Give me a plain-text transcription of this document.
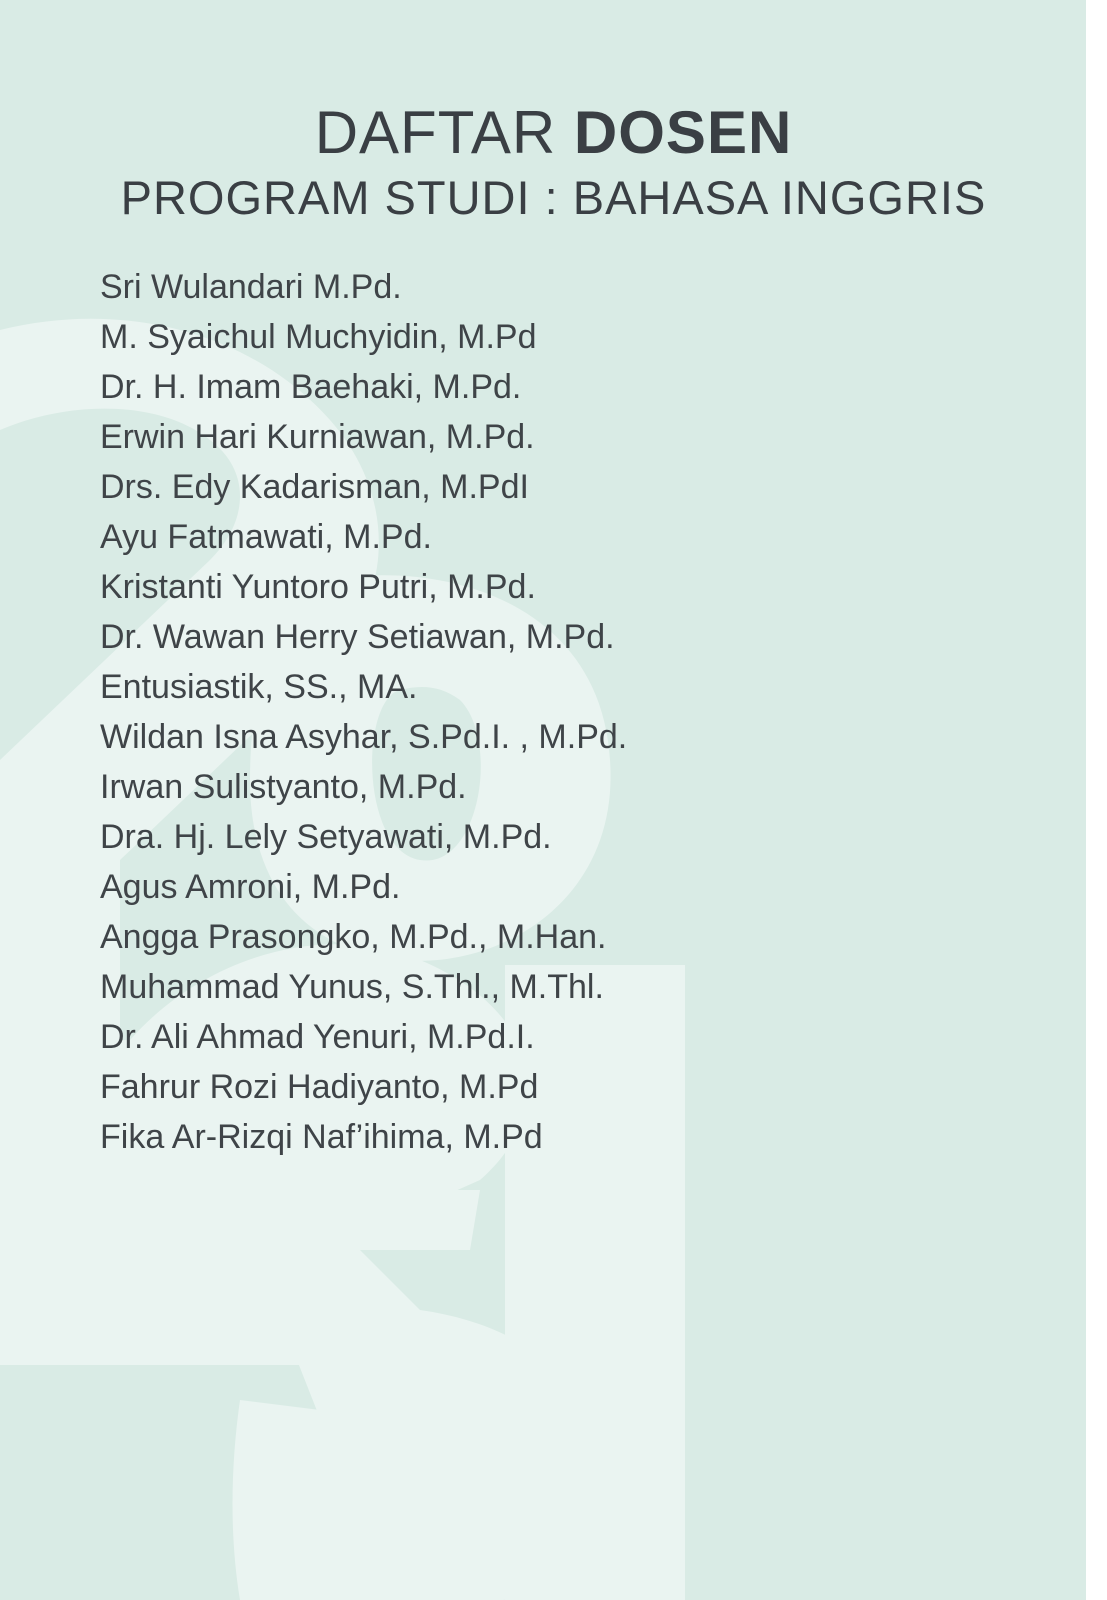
DAFTAR DOSEN
PROGRAM STUDI : BAHASA INGGRIS
Sri Wulandari M.Pd.
M. Syaichul Muchyidin, M.Pd
Dr. H. Imam Baehaki, M.Pd.
Erwin Hari Kurniawan, M.Pd.
Drs. Edy Kadarisman, M.PdI
Ayu Fatmawati, M.Pd.
Kristanti Yuntoro Putri, M.Pd.
Dr. Wawan Herry Setiawan, M.Pd.
Entusiastik, SS., MA.
Wildan Isna Asyhar, S.Pd.I. , M.Pd.
Irwan Sulistyanto, M.Pd.
Dra. Hj. Lely Setyawati, M.Pd.
Agus Amroni, M.Pd.
Angga Prasongko, M.Pd., M.Han.
Muhammad Yunus, S.Thl., M.Thl.
Dr. Ali Ahmad Yenuri, M.Pd.I.
Fahrur Rozi Hadiyanto, M.Pd
Fika Ar-Rizqi Naf’ihima, M.Pd
